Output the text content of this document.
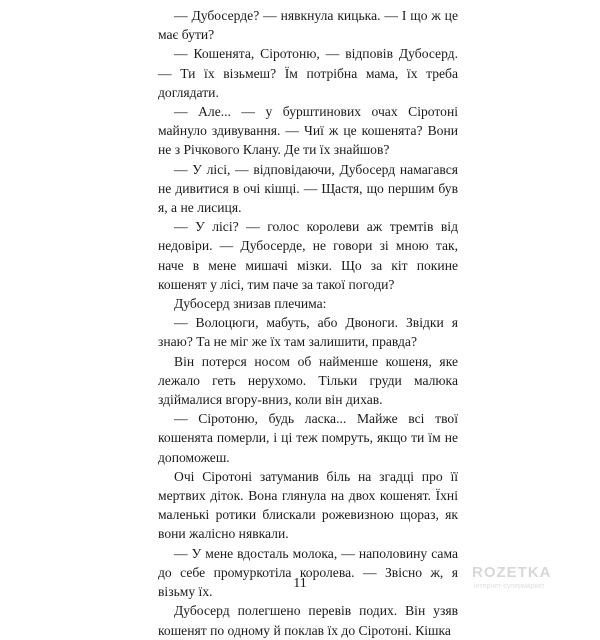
— Дубосерде? — нявкнула кицька. — І що ж це має бути?

— Кошенята, Сіротоню, — відповів Дубосерд. — Ти їх візьмеш? Їм потрібна мама, їх треба доглядати.

— Але... — у бурштинових очах Сіротоні майнуло здивування. — Чиї ж це кошенята? Вони не з Річкового Клану. Де ти їх знайшов?

— У лісі, — відповідаючи, Дубосерд намагався не дивитися в очі кішці. — Щастя, що першим був я, а не лисиця.

— У лісі? — голос королеви аж тремтів від недовіри. — Дубосерде, не говори зі мною так, наче в мене мишачі мізки. Що за кіт покине кошенят у лісі, тим паче за такої погоди?

Дубосерд знизав плечима:

— Волоцюги, мабуть, або Двоноги. Звідки я знаю? Та не міг же їх там залишити, правда?

Він потерся носом об найменше кошеня, яке лежало геть нерухомо. Тільки груди малюка здіймалися вгору-вниз, коли він дихав.

— Сіротоню, будь ласка... Майже всі твої кошенята померли, і ці теж помруть, якщо ти їм не допоможеш.

Очі Сіротоні затуманив біль на згадці про її мертвих діток. Вона глянула на двох кошенят. Їхні маленькі ротики блискали рожевизною щораз, як вони жалісно нявкали.

— У мене вдосталь молока, — наполовину сама до себе промуркотіла королева. — Звісно ж, я візьму їх.

Дубосерд полегшено перевів подих. Він узяв кошенят по одному й поклав їх до Сіротоні. Кішка

11
ROZETKA
інтернет-супермаркет
